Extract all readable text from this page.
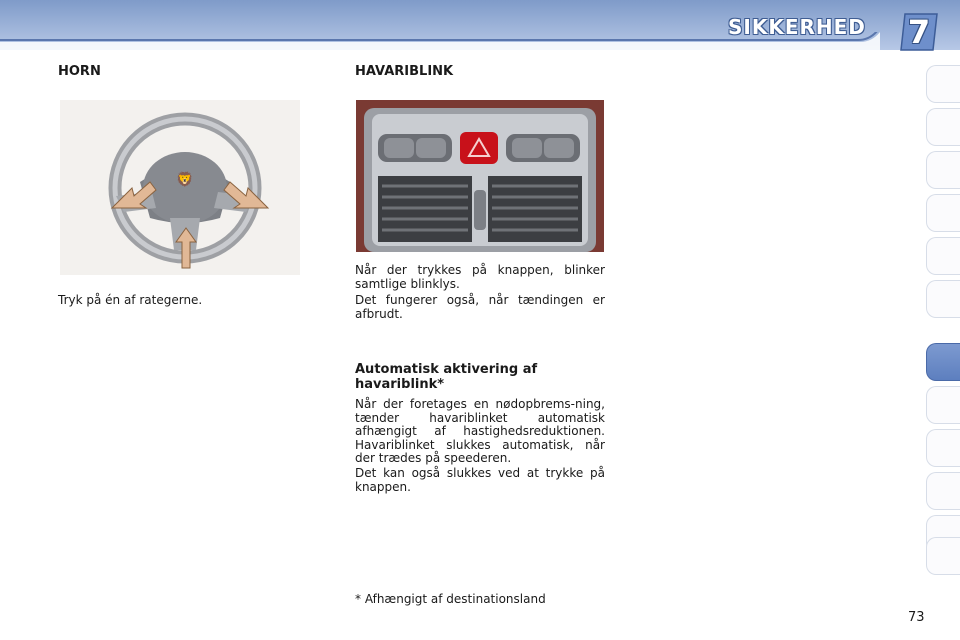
SIKKERHED 7
HORN
🦁

Tryk på én af rategerne.

HAVARIBLINK

Når der trykkes på knappen, blinker samtlige blinklys.

Det fungerer også, når tændingen er afbrudt.

Automatisk aktivering af
havariblink*

Når der foretages en nødopbrems-ning, tænder havariblinket automatisk afhængigt af hastighedsreduktionen. Havariblinket slukkes automatisk, når der trædes på speederen.

Det kan også slukkes ved at trykke på knappen.

* Afhængigt af destinationsland

73
